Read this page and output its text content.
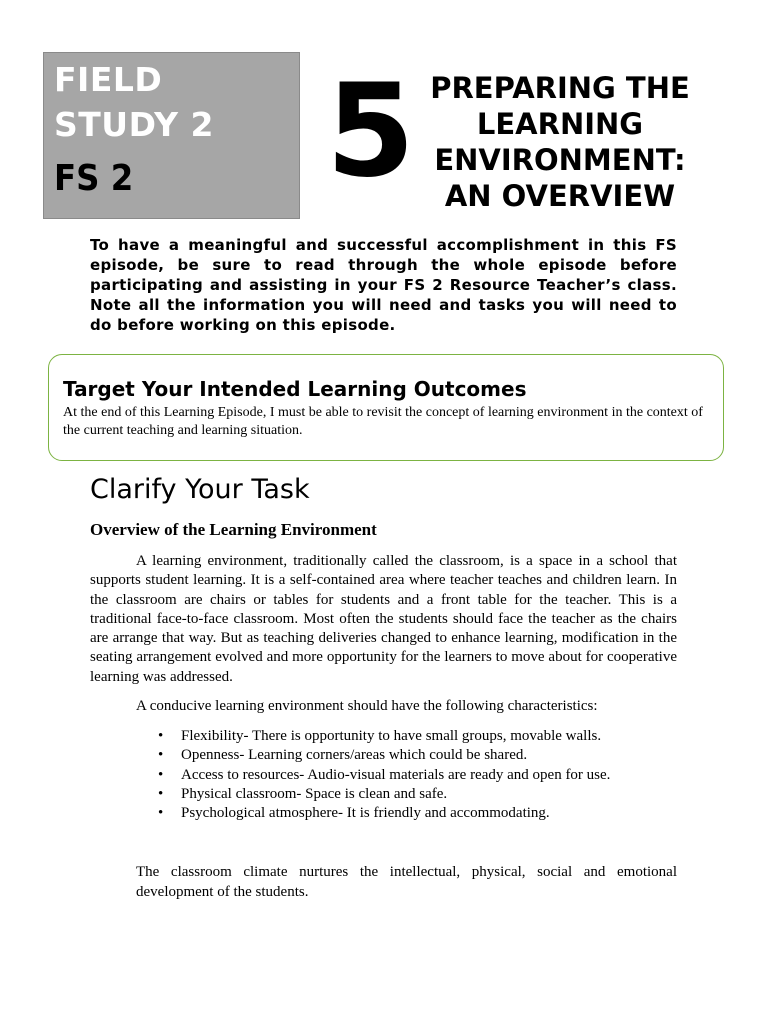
FIELD STUDY 2
FS 2 5 PREPARING THE LEARNING ENVIRONMENT: AN OVERVIEW
To have a meaningful and successful accomplishment in this FS episode, be sure to read through the whole episode before participating and assisting in your FS 2 Resource Teacher’s class. Note all the information you will need and tasks you will need to do before working on this episode.
Target Your Intended Learning Outcomes
At the end of this Learning Episode, I must be able to revisit the concept of learning environment in the context of the current teaching and learning situation.
Clarify Your Task
Overview of the Learning Environment

A learning environment, traditionally called the classroom, is a space in a school that supports student learning. It is a self-contained area where teacher teaches and children learn. In the classroom are chairs or tables for students and a front table for the teacher. This is a traditional face-to-face classroom. Most often the students should face the teacher as the chairs are arrange that way. But as teaching deliveries changed to enhance learning, modification in the seating arrangement evolved and more opportunity for the learners to move about for cooperative learning was addressed.

A conducive learning environment should have the following characteristics:

• Flexibility- There is opportunity to have small groups, movable walls.
• Openness- Learning corners/areas which could be shared.
• Access to resources- Audio-visual materials are ready and open for use.
• Physical classroom- Space is clean and safe.
• Psychological atmosphere- It is friendly and accommodating.

The classroom climate nurtures the intellectual, physical, social and emotional development of the students.
